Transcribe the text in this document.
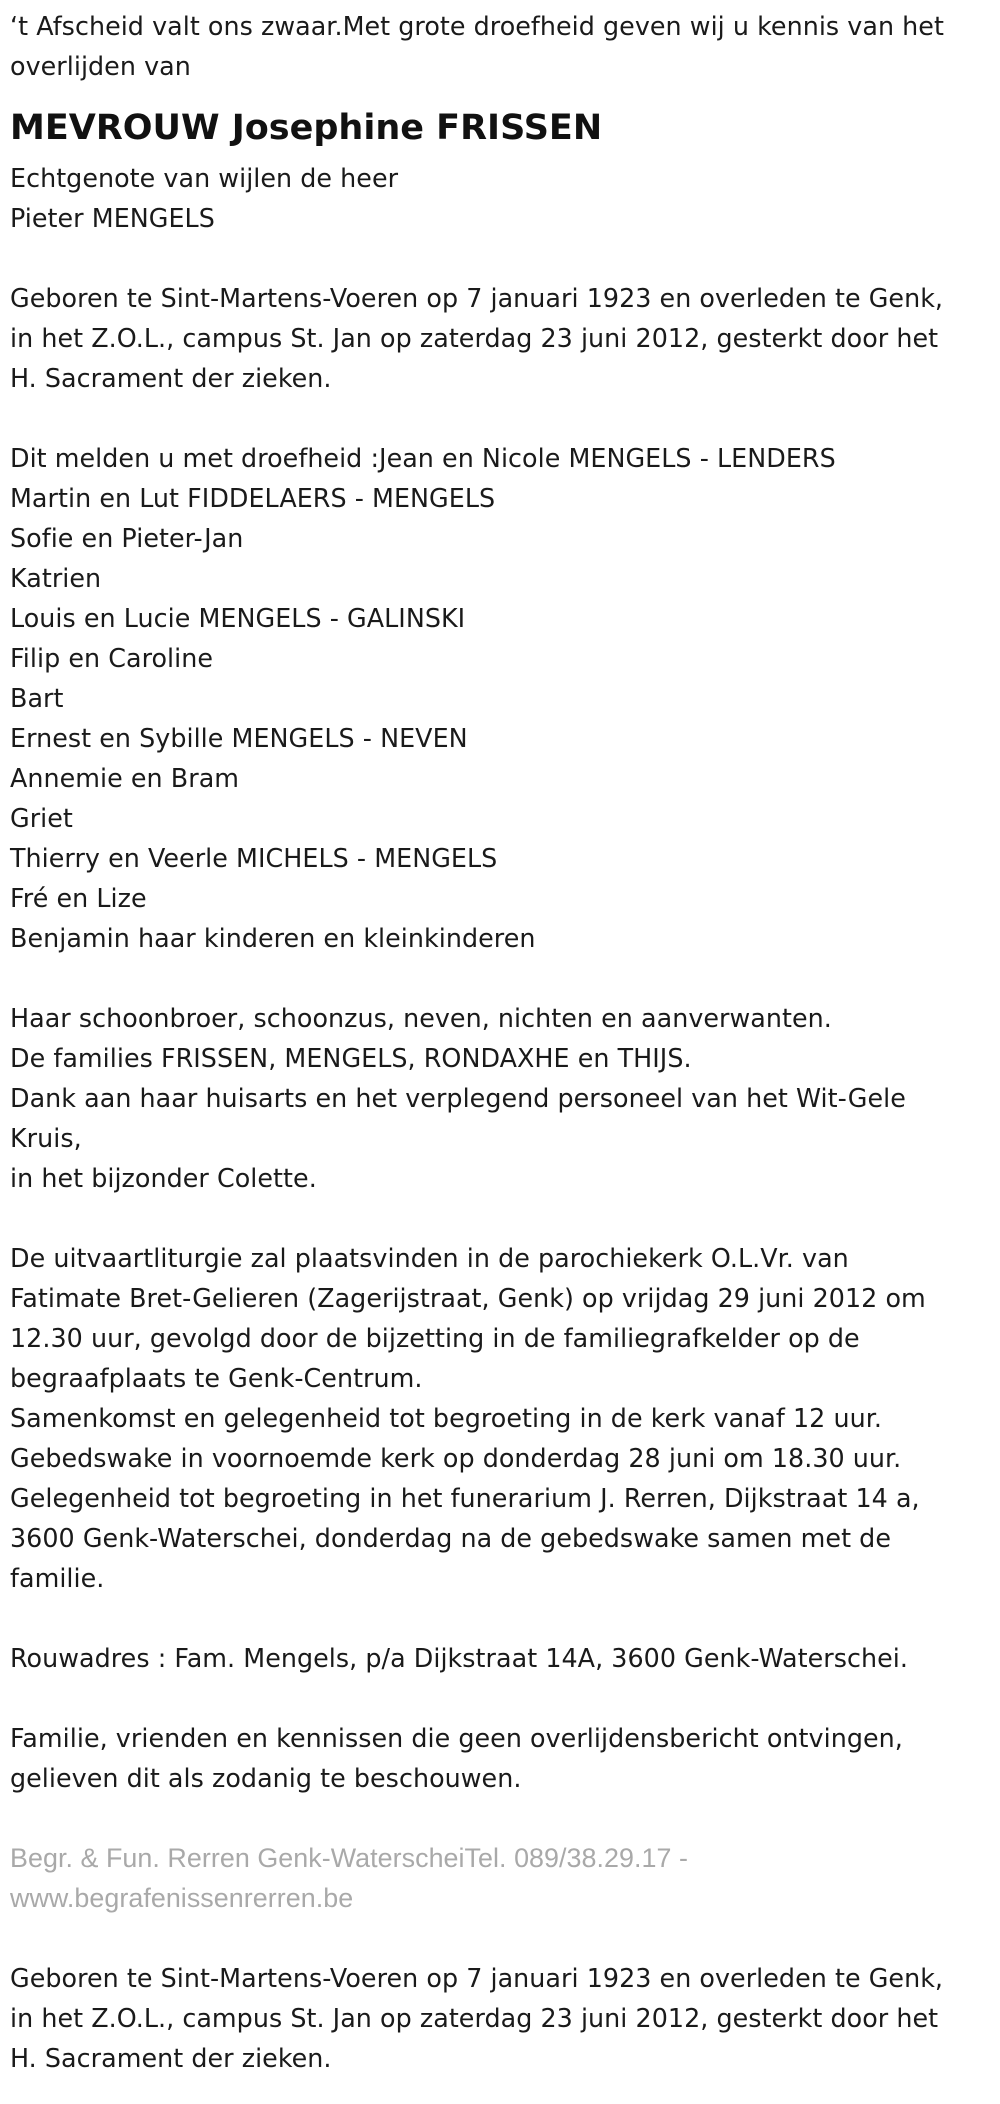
‘t Afscheid valt ons zwaar.Met grote droefheid geven wij u kennis van het
overlijden van
MEVROUW Josephine FRISSEN
Echtgenote van wijlen de heer
Pieter MENGELS
Geboren te Sint-Martens-Voeren op 7 januari 1923 en overleden te Genk,
in het Z.O.L., campus St. Jan op zaterdag 23 juni 2012, gesterkt door het
H. Sacrament der zieken.
Dit melden u met droefheid :Jean en Nicole MENGELS - LENDERS
Martin en Lut FIDDELAERS - MENGELS
Sofie en Pieter-Jan
Katrien
Louis en Lucie MENGELS - GALINSKI
Filip en Caroline
Bart
Ernest en Sybille MENGELS - NEVEN
Annemie en Bram
Griet
Thierry en Veerle MICHELS - MENGELS
Fré en Lize
Benjamin haar kinderen en kleinkinderen
Haar schoonbroer, schoonzus, neven, nichten en aanverwanten.
De families FRISSEN, MENGELS, RONDAXHE en THIJS.
Dank aan haar huisarts en het verplegend personeel van het Wit-Gele
Kruis,
in het bijzonder Colette.
De uitvaartliturgie zal plaatsvinden in de parochiekerk O.L.Vr. van
Fatimate Bret-Gelieren (Zagerijstraat, Genk) op vrijdag 29 juni 2012 om
12.30 uur, gevolgd door de bijzetting in de familiegrafkelder op de
begraafplaats te Genk-Centrum.
Samenkomst en gelegenheid tot begroeting in de kerk vanaf 12 uur.
Gebedswake in voornoemde kerk op donderdag 28 juni om 18.30 uur.
Gelegenheid tot begroeting in het funerarium J. Rerren, Dijkstraat 14 a,
3600 Genk-Waterschei, donderdag na de gebedswake samen met de
familie.
Rouwadres : Fam. Mengels, p/a Dijkstraat 14A, 3600 Genk-Waterschei.
Familie, vrienden en kennissen die geen overlijdensbericht ontvingen,
gelieven dit als zodanig te beschouwen.
Begr. & Fun. Rerren Genk-WaterscheiTel. 089/38.29.17 -
www.begrafenissenrerren.be
Geboren te Sint-Martens-Voeren op 7 januari 1923 en overleden te Genk,
in het Z.O.L., campus St. Jan op zaterdag 23 juni 2012, gesterkt door het
H. Sacrament der zieken.
